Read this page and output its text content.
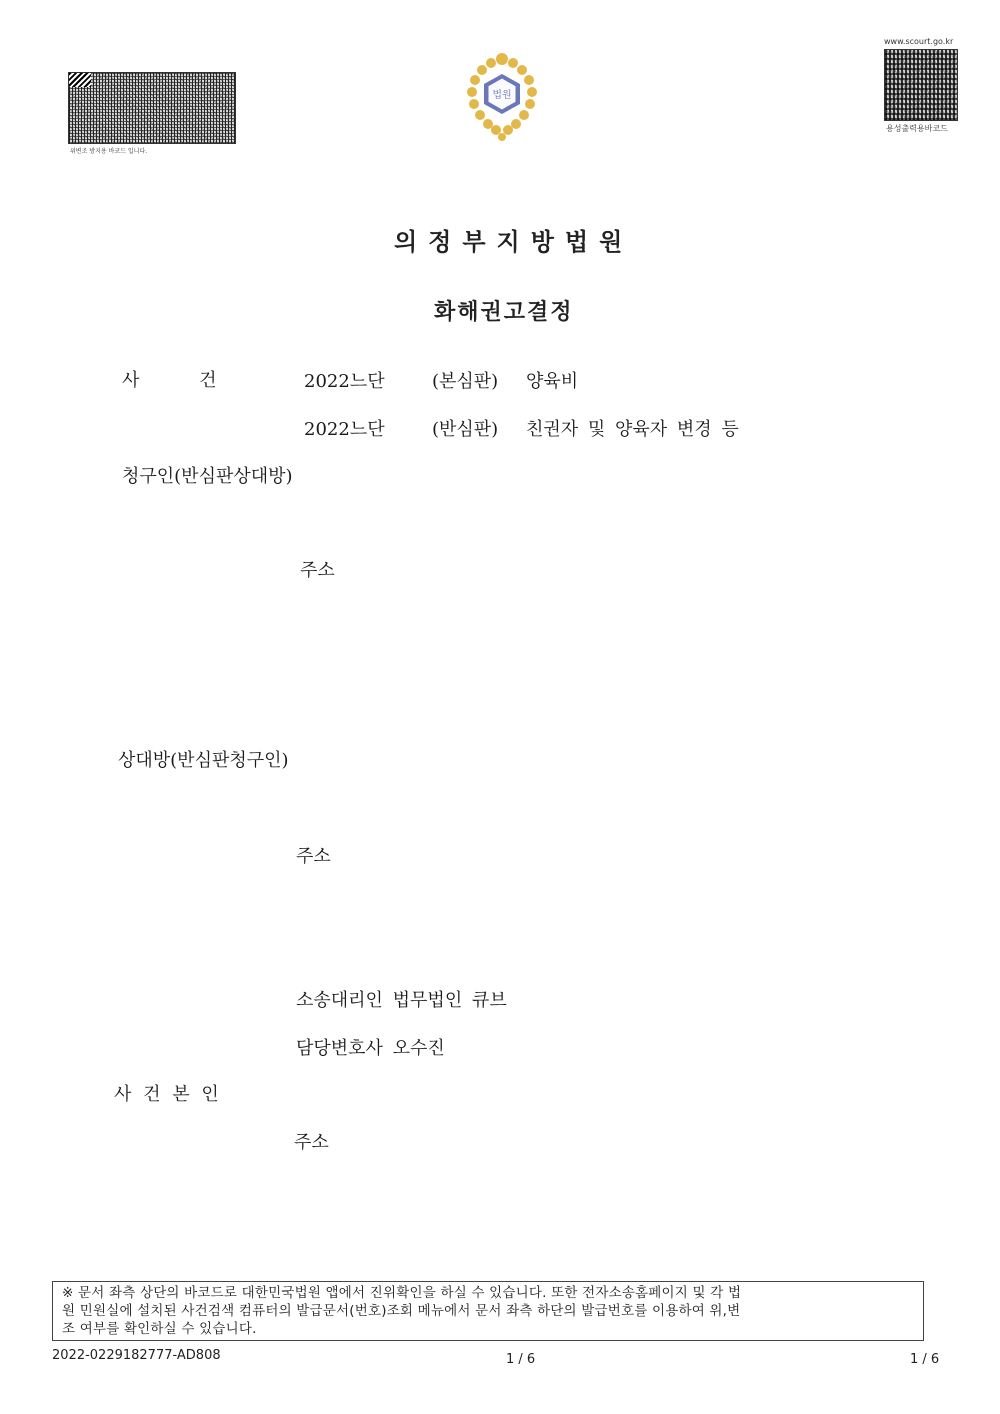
위변조 방지용 바코드 입니다.
www.scourt.go.kr
용성출력용바코드
법원
의정부지방법원
화해권고결정
사 건	2022느단	(본심판) 양육비
2022느단	(반심판) 친권자 및 양육자 변경 등
청구인(반심판상대방)
주소
상대방(반심판청구인)
주소
소송대리인 법무법인 큐브
담당변호사 오수진
사 건 본 인
주소
※ 문서 좌측 상단의 바코드로 대한민국법원 앱에서 진위확인을 하실 수 있습니다. 또한 전자소송홈페이지 및 각 법
원 민원실에 설치된 사건검색 컴퓨터의 발급문서(번호)조회 메뉴에서 문서 좌측 하단의 발급번호를 이용하여 위,변
조 여부를 확인하실 수 있습니다.
2022-0229182777-AD808	1 / 6	1 / 6
